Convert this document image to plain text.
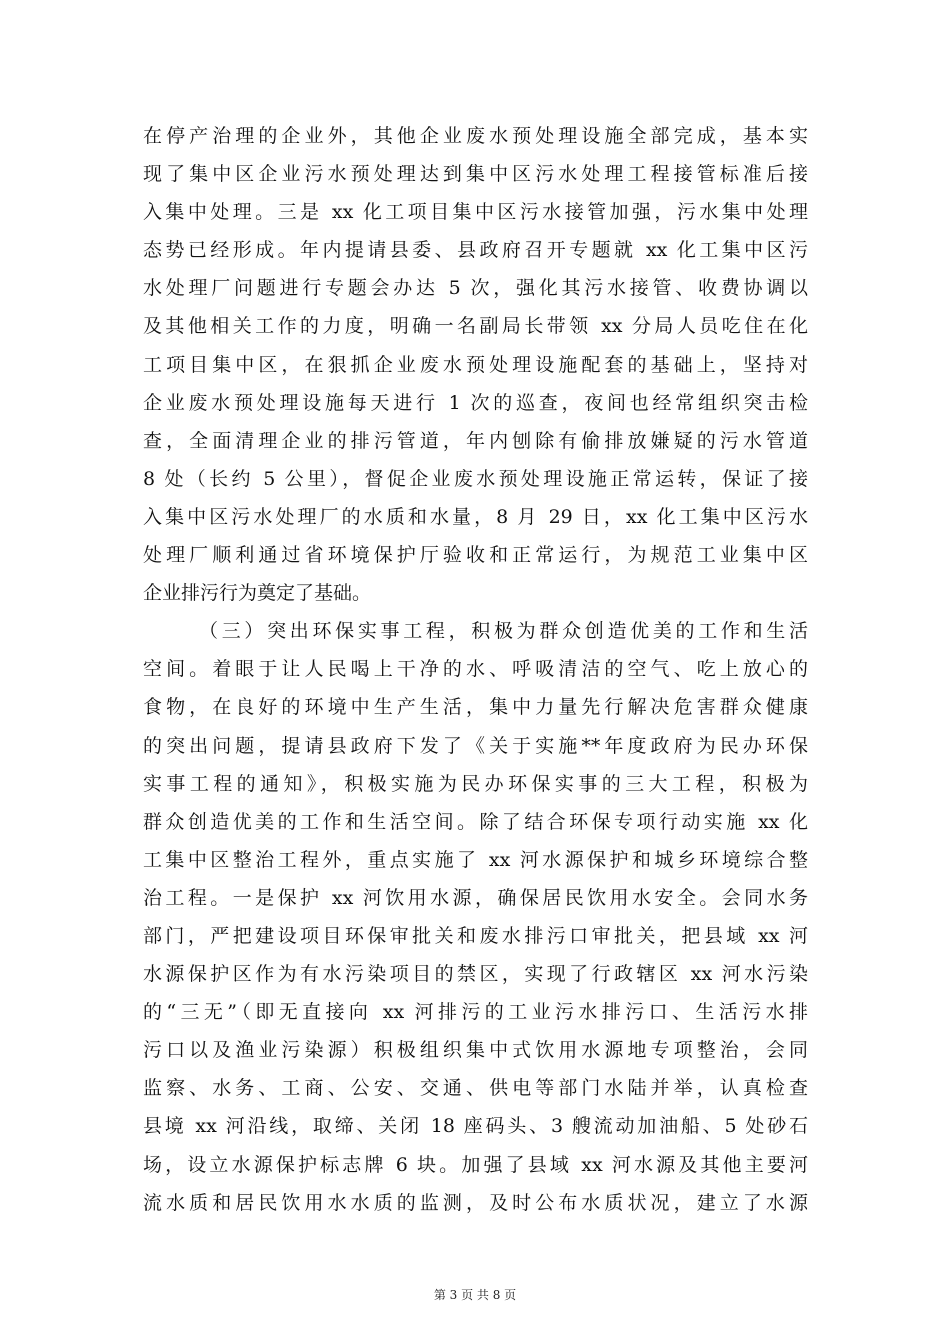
在停产治理的企业外，其他企业废水预处理设施全部完成，基本实
现了集中区企业污水预处理达到集中区污水处理工程接管标准后接
入集中处理。三是 xx 化工项目集中区污水接管加强，污水集中处理
态势已经形成。年内提请县委、县政府召开专题就 xx 化工集中区污
水处理厂问题进行专题会办达 5 次，强化其污水接管、收费协调以
及其他相关工作的力度，明确一名副局长带领 xx 分局人员吃住在化
工项目集中区，在狠抓企业废水预处理设施配套的基础上，坚持对
企业废水预处理设施每天进行 1 次的巡查，夜间也经常组织突击检
查，全面清理企业的排污管道，年内刨除有偷排放嫌疑的污水管道
8 处（长约 5 公里），督促企业废水预处理设施正常运转，保证了接
入集中区污水处理厂的水质和水量，8 月 29 日，xx 化工集中区污水
处理厂顺利通过省环境保护厅验收和正常运行，为规范工业集中区
企业排污行为奠定了基础。
（三）突出环保实事工程，积极为群众创造优美的工作和生活
空间。着眼于让人民喝上干净的水、呼吸清洁的空气、吃上放心的
食物，在良好的环境中生产生活，集中力量先行解决危害群众健康
的突出问题，提请县政府下发了《关于实施**年度政府为民办环保
实事工程的通知》，积极实施为民办环保实事的三大工程，积极为
群众创造优美的工作和生活空间。除了结合环保专项行动实施 xx 化
工集中区整治工程外，重点实施了 xx 河水源保护和城乡环境综合整
治工程。一是保护 xx 河饮用水源，确保居民饮用水安全。会同水务
部门，严把建设项目环保审批关和废水排污口审批关，把县域 xx 河
水源保护区作为有水污染项目的禁区，实现了行政辖区 xx 河水污染
的“三无”（即无直接向 xx 河排污的工业污水排污口、生活污水排
污口以及渔业污染源）积极组织集中式饮用水源地专项整治，会同
监察、水务、工商、公安、交通、供电等部门水陆并举，认真检查
县境 xx 河沿线，取缔、关闭 18 座码头、3 艘流动加油船、5 处砂石
场，设立水源保护标志牌 6 块。加强了县域 xx 河水源及其他主要河
流水质和居民饮用水水质的监测，及时公布水质状况，建立了水源
第 3 页 共 8 页
